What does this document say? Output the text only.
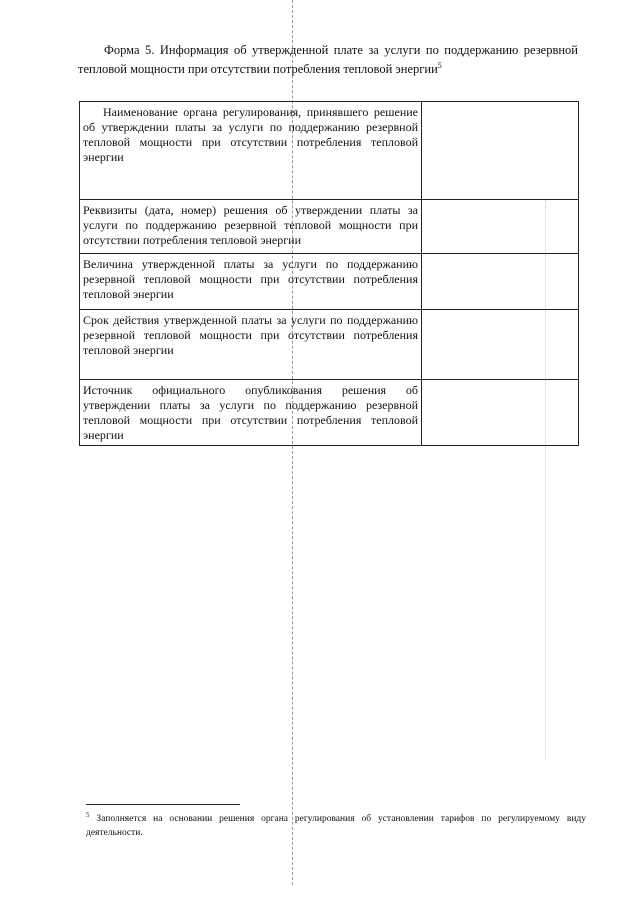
Форма 5. Информация об утвержденной плате за услуги по поддержанию резервной тепловой мощности при отсутствии потребления тепловой энергии$^5$
Наименование органа регулирования, принявшего решение об утверждении платы за услуги по поддержанию резервной тепловой мощности при отсутствии потребления тепловой энергии	
Реквизиты (дата, номер) решения об утверждении платы за услуги по поддержанию резервной тепловой мощности при отсутствии потребления тепловой энергии	
Величина утвержденной платы за услуги по поддержанию резервной тепловой мощности при отсутствии потребления тепловой энергии	
Срок действия утвержденной платы за услуги по поддержанию резервной тепловой мощности при отсутствии потребления тепловой энергии	
Источник официального опубликования решения об утверждении платы за услуги по поддержанию резервной тепловой мощности при отсутствии потребления тепловой энергии	
$^5$ Заполняется на основании решения органа регулирования об установлении тарифов по регулируемому виду деятельности.
